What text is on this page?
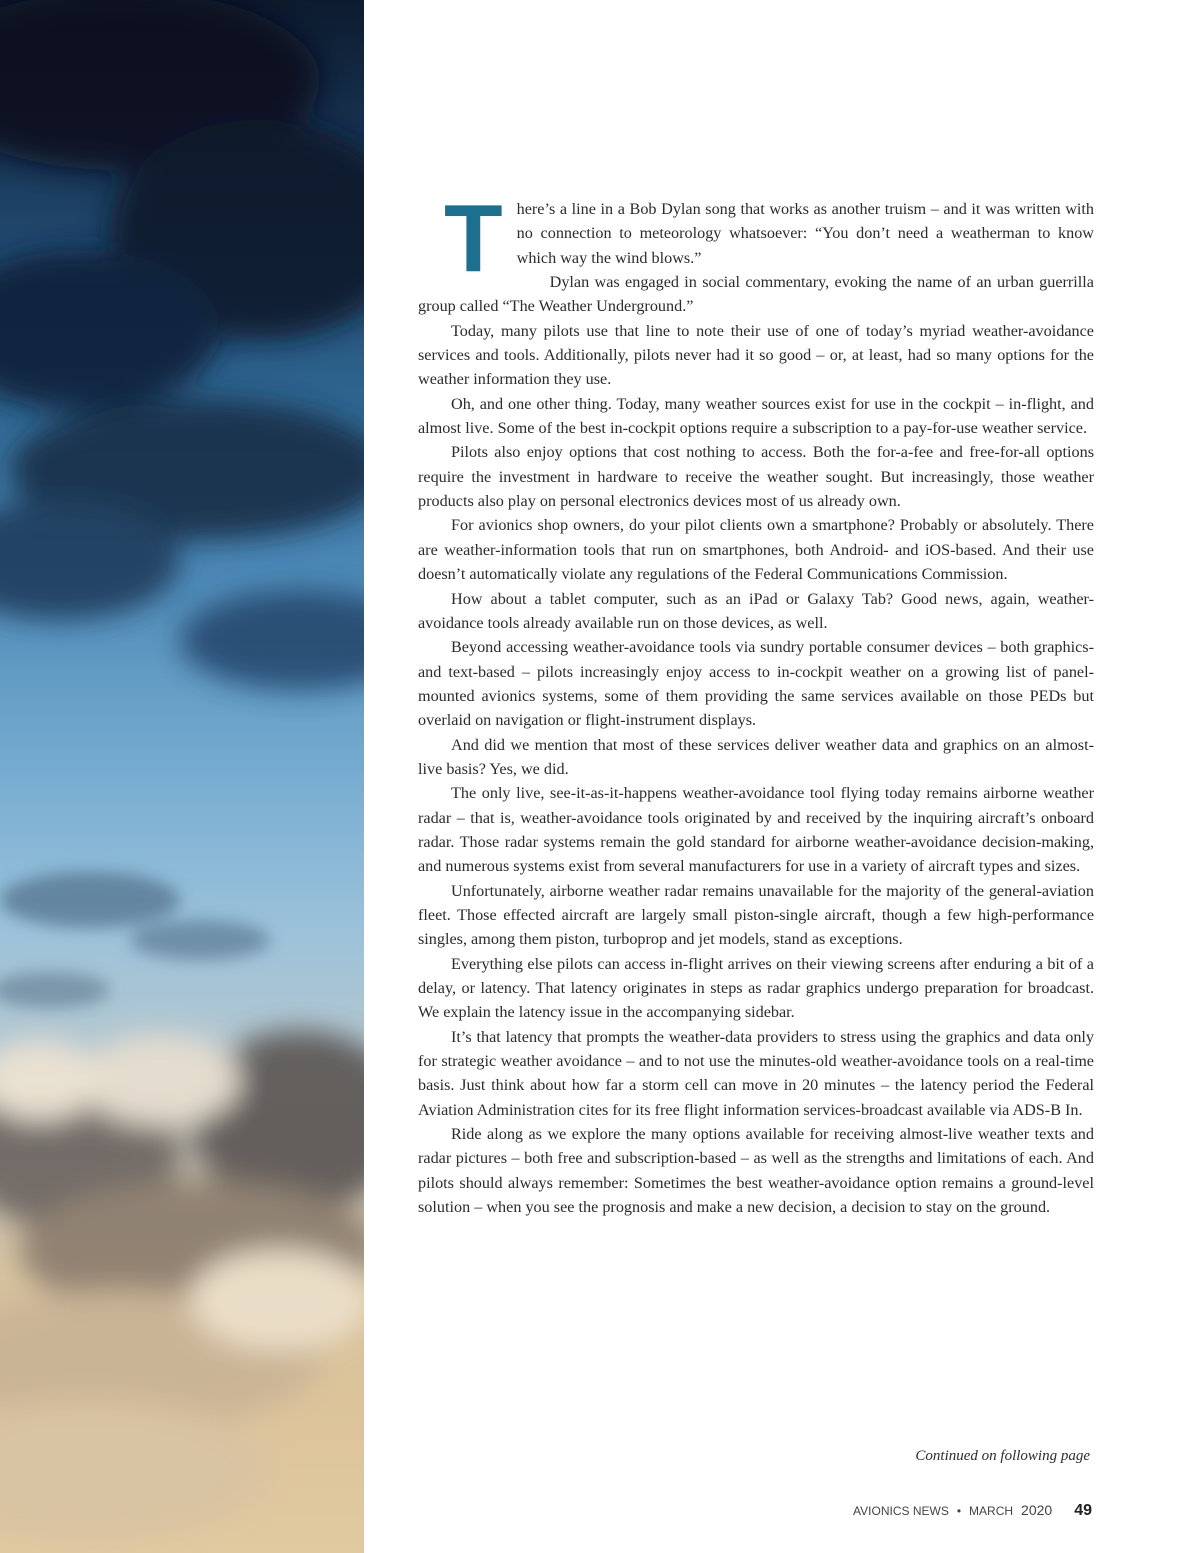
There’s a line in a Bob Dylan song that works as another truism – and it was written with no connection to meteorology whatsoever: “You don’t need a weatherman to know which way the wind blows.”

Dylan was engaged in social commentary, evoking the name of an urban guerrilla group called “The Weather Underground.”

Today, many pilots use that line to note their use of one of today’s myriad weather-avoidance services and tools. Additionally, pilots never had it so good – or, at least, had so many options for the weather information they use.

Oh, and one other thing. Today, many weather sources exist for use in the cockpit – in-flight, and almost live. Some of the best in-cockpit options require a subscription to a pay-for-use weather service.

Pilots also enjoy options that cost nothing to access. Both the for-a-fee and free-for-all options require the investment in hardware to receive the weather sought. But increasingly, those weather products also play on personal electronics devices most of us already own.

For avionics shop owners, do your pilot clients own a smartphone? Probably or absolutely. There are weather-information tools that run on smartphones, both Android- and iOS-based. And their use doesn’t automatically violate any regulations of the Federal Communications Commission.

How about a tablet computer, such as an iPad or Galaxy Tab? Good news, again, weather-avoidance tools already available run on those devices, as well.

Beyond accessing weather-avoidance tools via sundry portable consumer devices – both graphics- and text-based – pilots increasingly enjoy access to in-cockpit weather on a growing list of panel-mounted avionics systems, some of them providing the same services available on those PEDs but overlaid on navigation or flight-instrument displays.

And did we mention that most of these services deliver weather data and graphics on an almost-live basis? Yes, we did.

The only live, see-it-as-it-happens weather-avoidance tool flying today remains airborne weather radar – that is, weather-avoidance tools originated by and received by the inquiring aircraft’s onboard radar. Those radar systems remain the gold standard for airborne weather-avoidance decision-making, and numerous systems exist from several manufacturers for use in a variety of aircraft types and sizes.

Unfortunately, airborne weather radar remains unavailable for the majority of the general-aviation fleet. Those effected aircraft are largely small piston-single aircraft, though a few high-performance singles, among them piston, turboprop and jet models, stand as exceptions.

Everything else pilots can access in-flight arrives on their viewing screens after enduring a bit of a delay, or latency. That latency originates in steps as radar graphics undergo preparation for broadcast. We explain the latency issue in the accompanying sidebar.

It’s that latency that prompts the weather-data providers to stress using the graphics and data only for strategic weather avoidance – and to not use the minutes-old weather-avoidance tools on a real-time basis. Just think about how far a storm cell can move in 20 minutes – the latency period the Federal Aviation Administration cites for its free flight information services-broadcast available via ADS-B In.

Ride along as we explore the many options available for receiving almost-live weather texts and radar pictures – both free and subscription-based – as well as the strengths and limitations of each. And pilots should always remember: Sometimes the best weather-avoidance option remains a ground-level solution – when you see the prognosis and make a new decision, a decision to stay on the ground.

Continued on following page
AVIONICS NEWS • MARCH 2020 49
